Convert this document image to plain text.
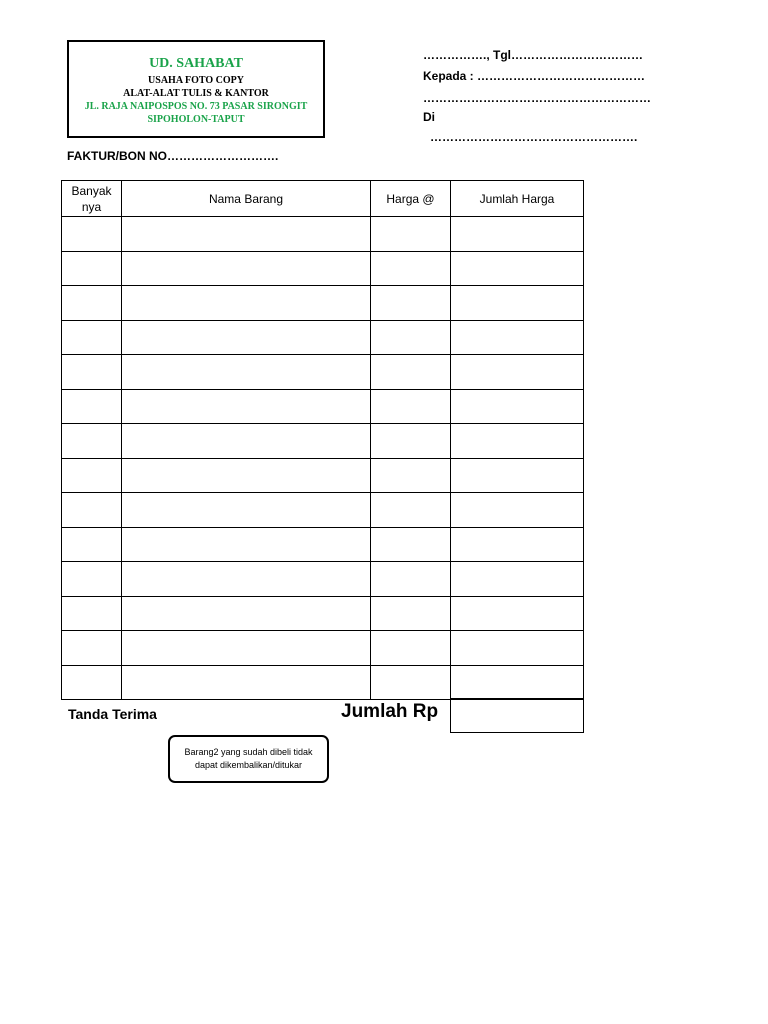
UD. SAHABAT
USAHA FOTO COPY
ALAT-ALAT TULIS & KANTOR
JL. RAJA NAIPOSPOS NO. 73 PASAR SIRONGIT
SIPOHOLON-TAPUT
……………., Tgl……………………………
Kepada : ……………………………………
…………………………………………………
Di
…………………………………………….
FAKTUR/BON NO……………………….
Banyak
nya	Nama Barang	Harga @	Jumlah Harga

Tanda Terima	Jumlah Rp
Barang2 yang sudah dibeli tidak
dapat dikembalikan/ditukar
